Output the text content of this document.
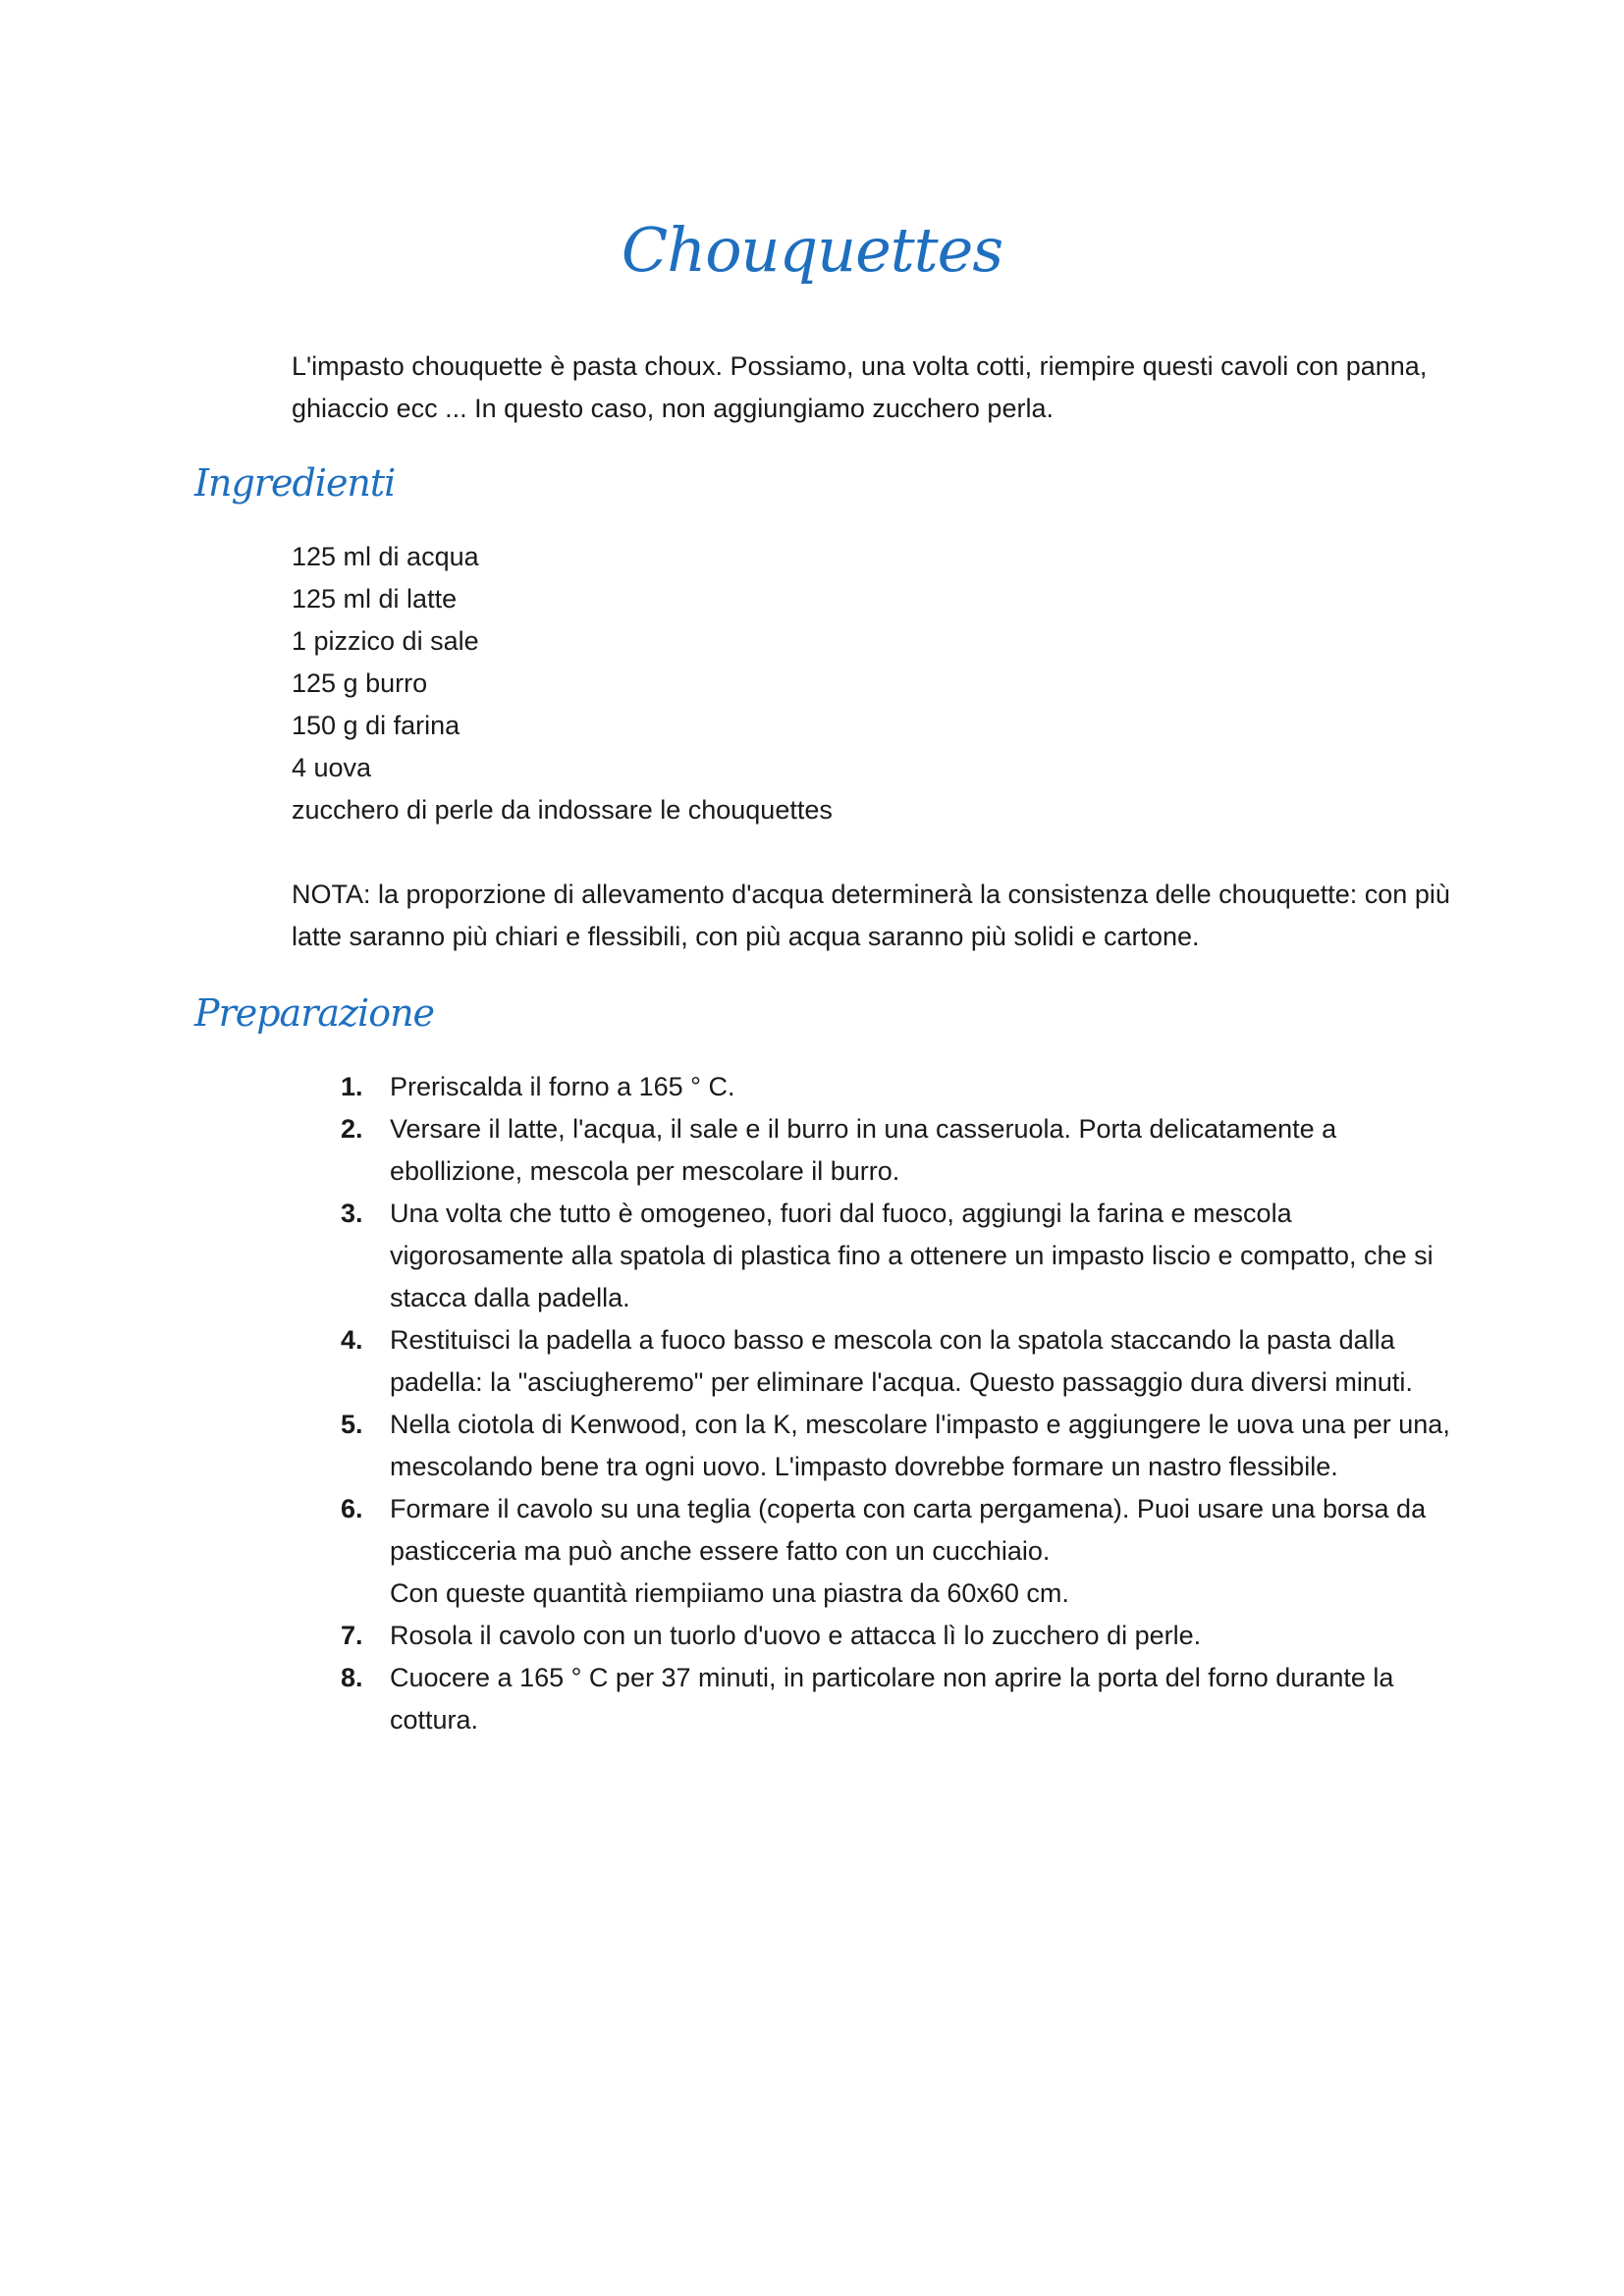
Chouquettes

L'impasto chouquette è pasta choux. Possiamo, una volta cotti, riempire questi cavoli con panna, ghiaccio ecc ... In questo caso, non aggiungiamo zucchero perla.

Ingredienti
125 ml di acqua
125 ml di latte
1 pizzico di sale
125 g burro
150 g di farina
4 uova
zucchero di perle da indossare le chouquettes

NOTA: la proporzione di allevamento d'acqua determinerà la consistenza delle chouquette: con più latte saranno più chiari e flessibili, con più acqua saranno più solidi e cartone.

Preparazione
1. Preriscalda il forno a 165 ° C.
2. Versare il latte, l'acqua, il sale e il burro in una casseruola. Porta delicatamente a ebollizione, mescola per mescolare il burro.
3. Una volta che tutto è omogeneo, fuori dal fuoco, aggiungi la farina e mescola vigorosamente alla spatola di plastica fino a ottenere un impasto liscio e compatto, che si stacca dalla padella.
4. Restituisci la padella a fuoco basso e mescola con la spatola staccando la pasta dalla padella: la "asciugheremo" per eliminare l'acqua. Questo passaggio dura diversi minuti.
5. Nella ciotola di Kenwood, con la K, mescolare l'impasto e aggiungere le uova una per una, mescolando bene tra ogni uovo. L'impasto dovrebbe formare un nastro flessibile.
6. Formare il cavolo su una teglia (coperta con carta pergamena). Puoi usare una borsa da pasticceria ma può anche essere fatto con un cucchiaio.
Con queste quantità riempiiamo una piastra da 60x60 cm.
7. Rosola il cavolo con un tuorlo d'uovo e attacca lì lo zucchero di perle.
8. Cuocere a 165 ° C per 37 minuti, in particolare non aprire la porta del forno durante la cottura.
